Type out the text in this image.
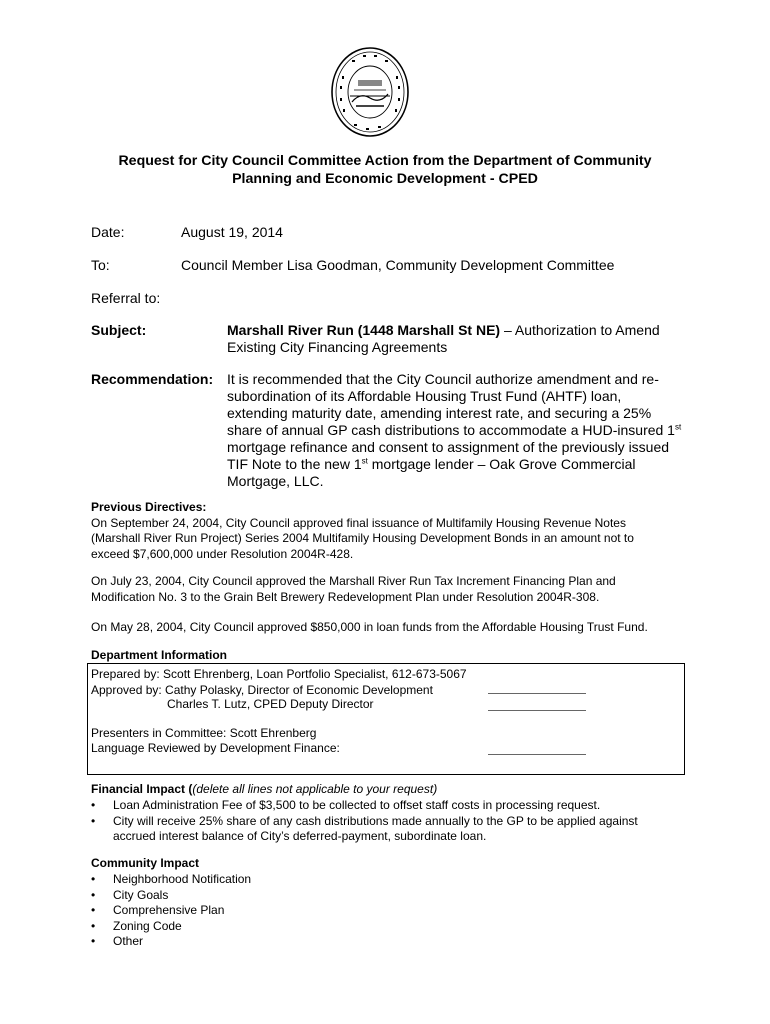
Request for City Council Committee Action from the Department of Community
Planning and Economic Development - CPED
Date:	August 19, 2014
To:	Council Member Lisa Goodman, Community Development Committee
Referral to:
Subject:	Marshall River Run (1448 Marshall St NE) – Authorization to Amend
Existing City Financing Agreements
Recommendation: It is recommended that the City Council authorize amendment and re-
subordination of its Affordable Housing Trust Fund (AHTF) loan,
extending maturity date, amending interest rate, and securing a 25%
share of annual GP cash distributions to accommodate a HUD-insured 1st
mortgage refinance and consent to assignment of the previously issued
TIF Note to the new 1st mortgage lender – Oak Grove Commercial
Mortgage, LLC.
Previous Directives:
On September 24, 2004, City Council approved final issuance of Multifamily Housing Revenue Notes
(Marshall River Run Project) Series 2004 Multifamily Housing Development Bonds in an amount not to
exceed $7,600,000 under Resolution 2004R-428.
On July 23, 2004, City Council approved the Marshall River Run Tax Increment Financing Plan and
Modification No. 3 to the Grain Belt Brewery Redevelopment Plan under Resolution 2004R-308.
On May 28, 2004, City Council approved $850,000 in loan funds from the Affordable Housing Trust Fund.
Department Information
Prepared by: Scott Ehrenberg, Loan Portfolio Specialist, 612-673-5067
Approved by: Cathy Polasky, Director of Economic Development
Charles T. Lutz, CPED Deputy Director
Presenters in Committee: Scott Ehrenberg
Language Reviewed by Development Finance:
Financial Impact ((delete all lines not applicable to your request)
• Loan Administration Fee of $3,500 to be collected to offset staff costs in processing request.
• City will receive 25% share of any cash distributions made annually to the GP to be applied against
accrued interest balance of City’s deferred-payment, subordinate loan.
Community Impact
• Neighborhood Notification
• City Goals
• Comprehensive Plan
• Zoning Code
• Other
